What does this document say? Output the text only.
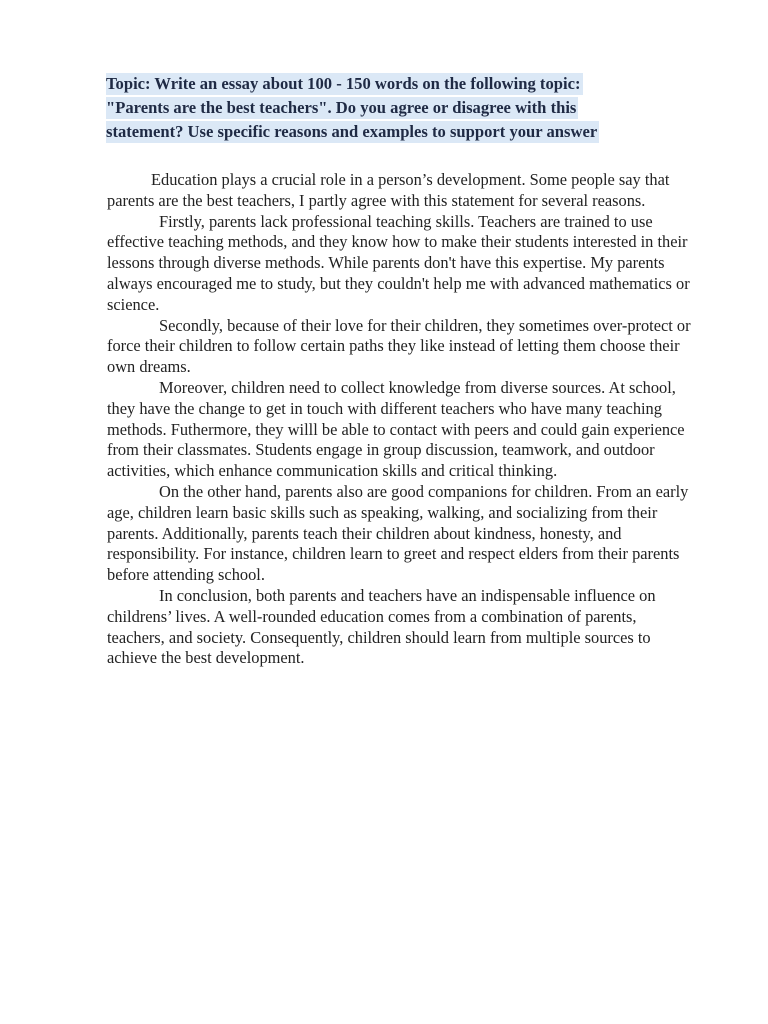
Topic: Write an essay about 100 - 150 words on the following topic:
"Parents are the best teachers". Do you agree or disagree with this
statement? Use specific reasons and examples to support your answer

Education plays a crucial role in a person’s development. Some people say that parents are the best teachers, I partly agree with this statement for several reasons.

Firstly, parents lack professional teaching skills. Teachers are trained to use effective teaching methods, and they know how to make their students interested in their lessons through diverse methods. While parents don't have this expertise. My parents always encouraged me to study, but they couldn't help me with advanced mathematics or science.

Secondly, because of their love for their children, they sometimes over-protect or force their children to follow certain paths they like instead of letting them choose their own dreams.

Moreover, children need to collect knowledge from diverse sources. At school, they have the change to get in touch with different teachers who have many teaching methods. Futhermore, they willl be able to contact with peers and could gain experience from their classmates. Students engage in group discussion, teamwork, and outdoor activities, which enhance communication skills and critical thinking.

On the other hand, parents also are good companions for children. From an early age, children learn basic skills such as speaking, walking, and socializing from their parents. Additionally, parents teach their children about kindness, honesty, and responsibility. For instance, children learn to greet and respect elders from their parents before attending school.

In conclusion, both parents and teachers have an indispensable influence on childrens’ lives. A well-rounded education comes from a combination of parents, teachers, and society. Consequently, children should learn from multiple sources to achieve the best development.
